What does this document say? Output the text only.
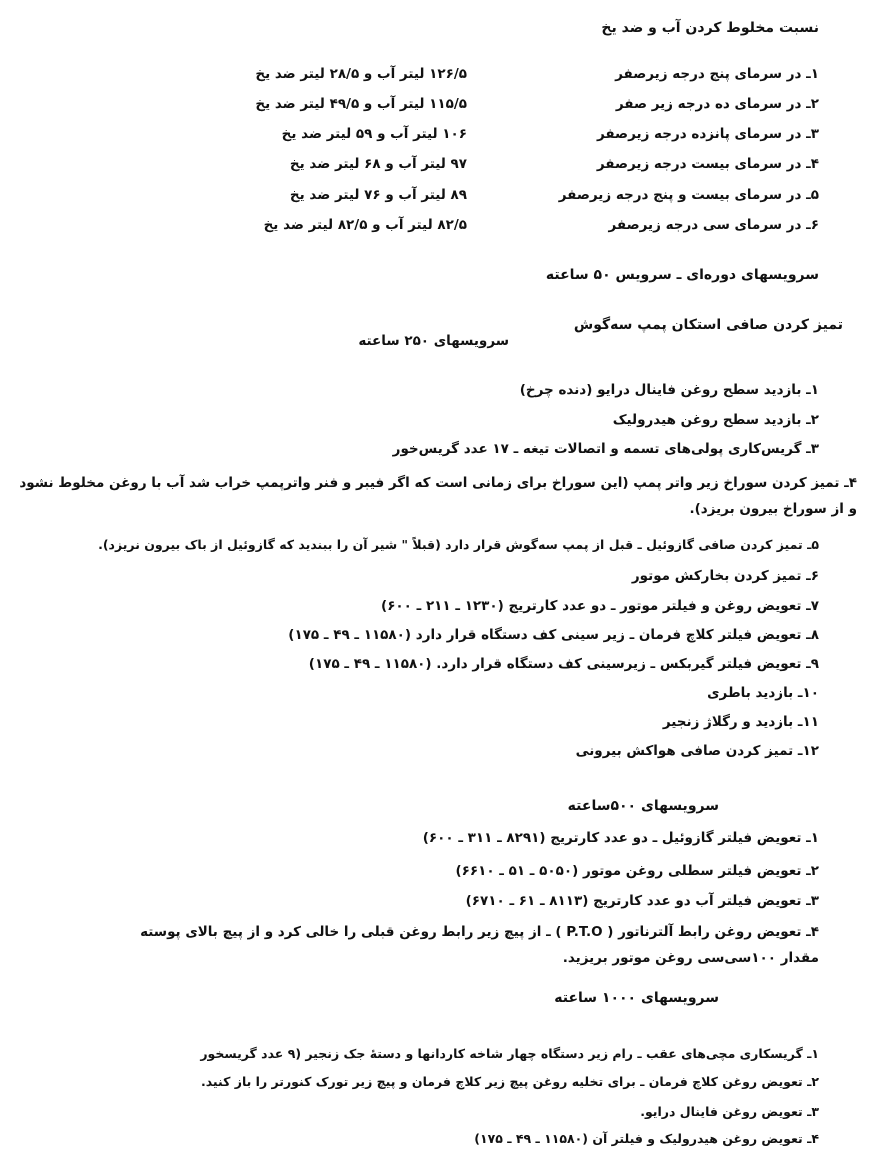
نسبت مخلوط کردن آب و ضد یخ
۱ـ در سرمای پنج درجه زیرصفر
۱۲۶/۵ لیتر آب و ۲۸/۵ لیتر ضد یخ
۲ـ در سرمای ده درجه زیر صفر
۱۱۵/۵ لیتر آب و ۴۹/۵ لیتر ضد یخ
۳ـ در سرمای پانزده درجه زیرصفر
۱۰۶ لیتر آب و ۵۹ لیتر ضد یخ
۴ـ در سرمای بیست درجه زیرصفر
۹۷ لیتر آب و ۶۸ لیتر ضد یخ
۵ـ در سرمای بیست و پنج درجه زیرصفر
۸۹ لیتر آب و ۷۶ لیتر ضد یخ
۶ـ در سرمای سی درجه زیرصفر
۸۲/۵ لیتر آب و ۸۲/۵ لیتر ضد یخ
سرویسهای دوره‌ای ـ سرویس ۵۰ ساعته
تمیز کردن صافی استکان پمپ سه‌گوش
سرویسهای ۲۵۰ ساعته
۱ـ بازدید سطح روغن فاینال درایو (دنده چرخ)
۲ـ بازدید سطح روغن هیدرولیک
۳ـ گریس‌کاری پولی‌های تسمه و اتصالات تیغه ـ ۱۷ عدد گریس‌خور
۴ـ تمیز کردن سوراخ زیر واتر پمپ (این سوراخ برای زمانی است که اگر فیبر و فنر واترپمپ خراب شد آب با روغن مخلوط نشود و از سوراخ بیرون بریزد).
۵ـ تمیز کردن صافی گازوئیل ـ قبل از پمپ سه‌گوش قرار دارد (قبلاً " شیر آن را ببندید که گازوئیل از باک بیرون نریزد).
۶ـ تمیز کردن بخارکش موتور
۷ـ تعویض روغن و فیلتر موتور ـ دو عدد کارتریج (۱۲۳۰ ـ ۲۱۱ ـ ۶۰۰)
۸ـ تعویض فیلتر کلاچ فرمان ـ زیر سینی کف دستگاه قرار دارد (۱۱۵۸۰ ـ ۴۹ ـ ۱۷۵)
۹ـ تعویض فیلتر گیربکس ـ زیرسینی کف دستگاه قرار دارد. (۱۱۵۸۰ ـ ۴۹ ـ ۱۷۵)
۱۰ـ بازدید باطری
۱۱ـ بازدید و رگلاژ زنجیر
۱۲ـ تمیز کردن صافی هواکش بیرونی
سرویسهای ۵۰۰ساعته
۱ـ تعویض فیلتر گازوئیل ـ دو عدد کارتریج (۸۲۹۱ ـ ۳۱۱ ـ ۶۰۰)
۲ـ تعویض فیلتر سطلی روغن موتور (۵۰۵۰ ـ ۵۱ ـ ۶۶۱۰)
۳ـ تعویض فیلتر آب دو عدد کارتریج (۸۱۱۳ ـ ۶۱ ـ ۶۷۱۰)
۴ـ تعویض روغن رابط آلترناتور ( P.T.O ) ـ از پیچ زیر رابط روغن قبلی را خالی کرد و از پیچ بالای پوسته مقدار ۱۰۰سی‌سی روغن موتور بریزید.
سرویسهای ۱۰۰۰ ساعته
۱ـ گریسکاری مچی‌های عقب ـ رام زیر دستگاه چهار شاخه کاردانها و دستهٔ جک زنجیر (۹ عدد گریسخور
۲ـ تعویض روغن کلاچ فرمان ـ برای تخلیه روغن پیچ زیر کلاچ فرمان و پیچ زیر تورک کنورتر را باز کنید.
۳ـ تعویض روغن فاینال درایو.
۴ـ تعویض روغن هیدرولیک و فیلتر آن (۱۱۵۸۰ ـ ۴۹ ـ ۱۷۵)
